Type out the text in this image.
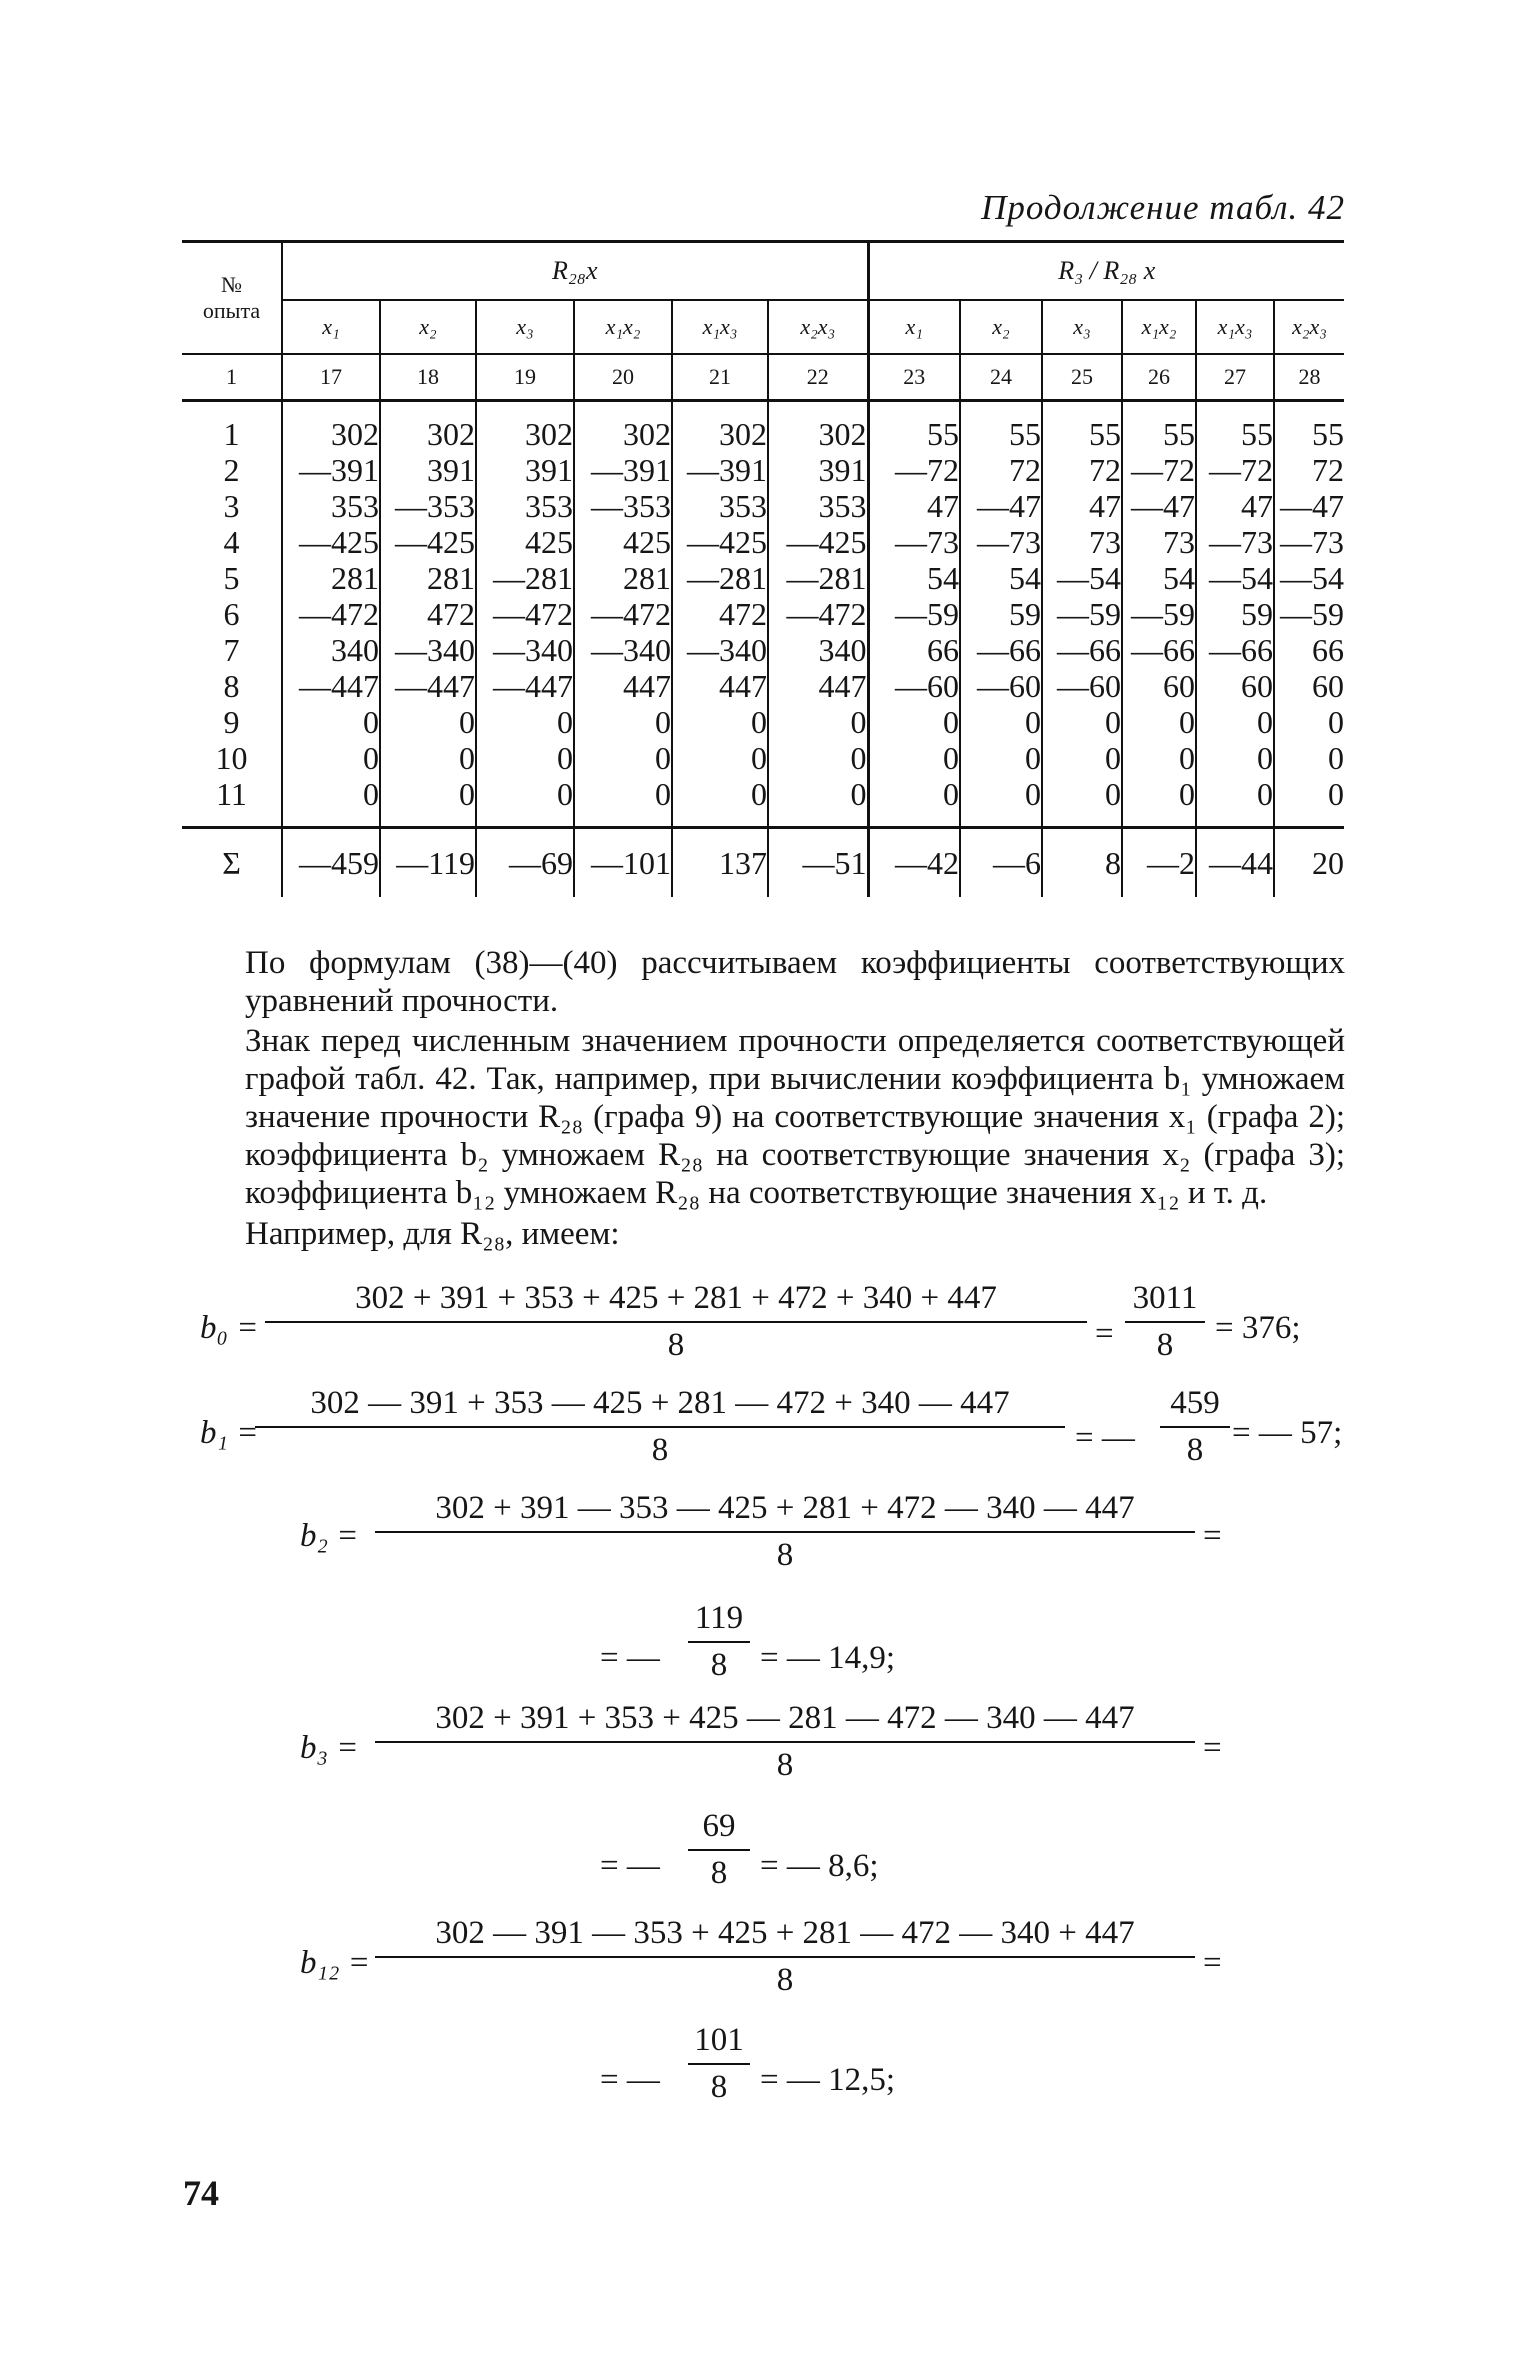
Продолжение табл. 42
№ опыта	R₂₈x						R₃ / R₂₈ x					
	x₁	x₂	x₃	x₁x₂	x₁x₃	x₂x₃	x₁	x₂	x₃	x₁x₂	x₁x₃	x₂x₃
1	17	18	19	20	21	22	23	24	25	26	27	28

1	302	302	302	302	302	302	55	55	55	55	55	55
2	—391	391	391	—391	—391	391	—72	72	72	—72	—72	72
3	353	—353	353	—353	353	353	47	—47	47	—47	47	—47
4	—425	—425	425	425	—425	—425	—73	—73	73	73	—73	—73
5	281	281	—281	281	—281	—281	54	54	—54	54	—54	—54
6	—472	472	—472	—472	472	—472	—59	59	—59	—59	59	—59
7	340	—340	—340	—340	—340	340	66	—66	—66	—66	—66	66
8	—447	—447	—447	447	447	447	—60	—60	—60	60	60	60
9	0	0	0	0	0	0	0	0	0	0	0	0
10	0	0	0	0	0	0	0	0	0	0	0	0
11	0	0	0	0	0	0	0	0	0	0	0	0

Σ	—459	—119	—69	—101	137	—51	—42	—6	8	—2	—44	20
По формулам (38)—(40) рассчитываем коэффициенты соответствующих уравнений прочности.
Знак перед численным значением прочности определяется соответствующей графой табл. 42. Так, например, при вычислении коэффициента b₁ умножаем значение прочности R₂₈ (графа 9) на соответствующие значения x₁ (графа 2); коэффициента b₂ умножаем R₂₈ на соответствующие значения x₂ (графа 3); коэффициента b₁₂ умножаем R₂₈ на соответствующие значения x₁₂ и т. д.
Например, для R₂₈, имеем:
b₀ =
302 + 391 + 353 + 425 + 281 + 472 + 340 + 447
8	=
3011
8	= 376;
b₁ =
302 — 391 + 353 — 425 + 281 — 472 + 340 — 447
8	= —
459
8 = — 57;
b₂ =
302 + 391 — 353 — 425 + 281 + 472 — 340 — 447
8
=
= —
119
8 = — 14,9;
b₃ =
302 + 391 + 353 + 425 — 281 — 472 — 340 — 447
8	=
= —
69
8 = — 8,6;
b₁₂ =
302 — 391 — 353 + 425 + 281 — 472 — 340 + 447
8	=
= —
101
8 = — 12,5;
74
